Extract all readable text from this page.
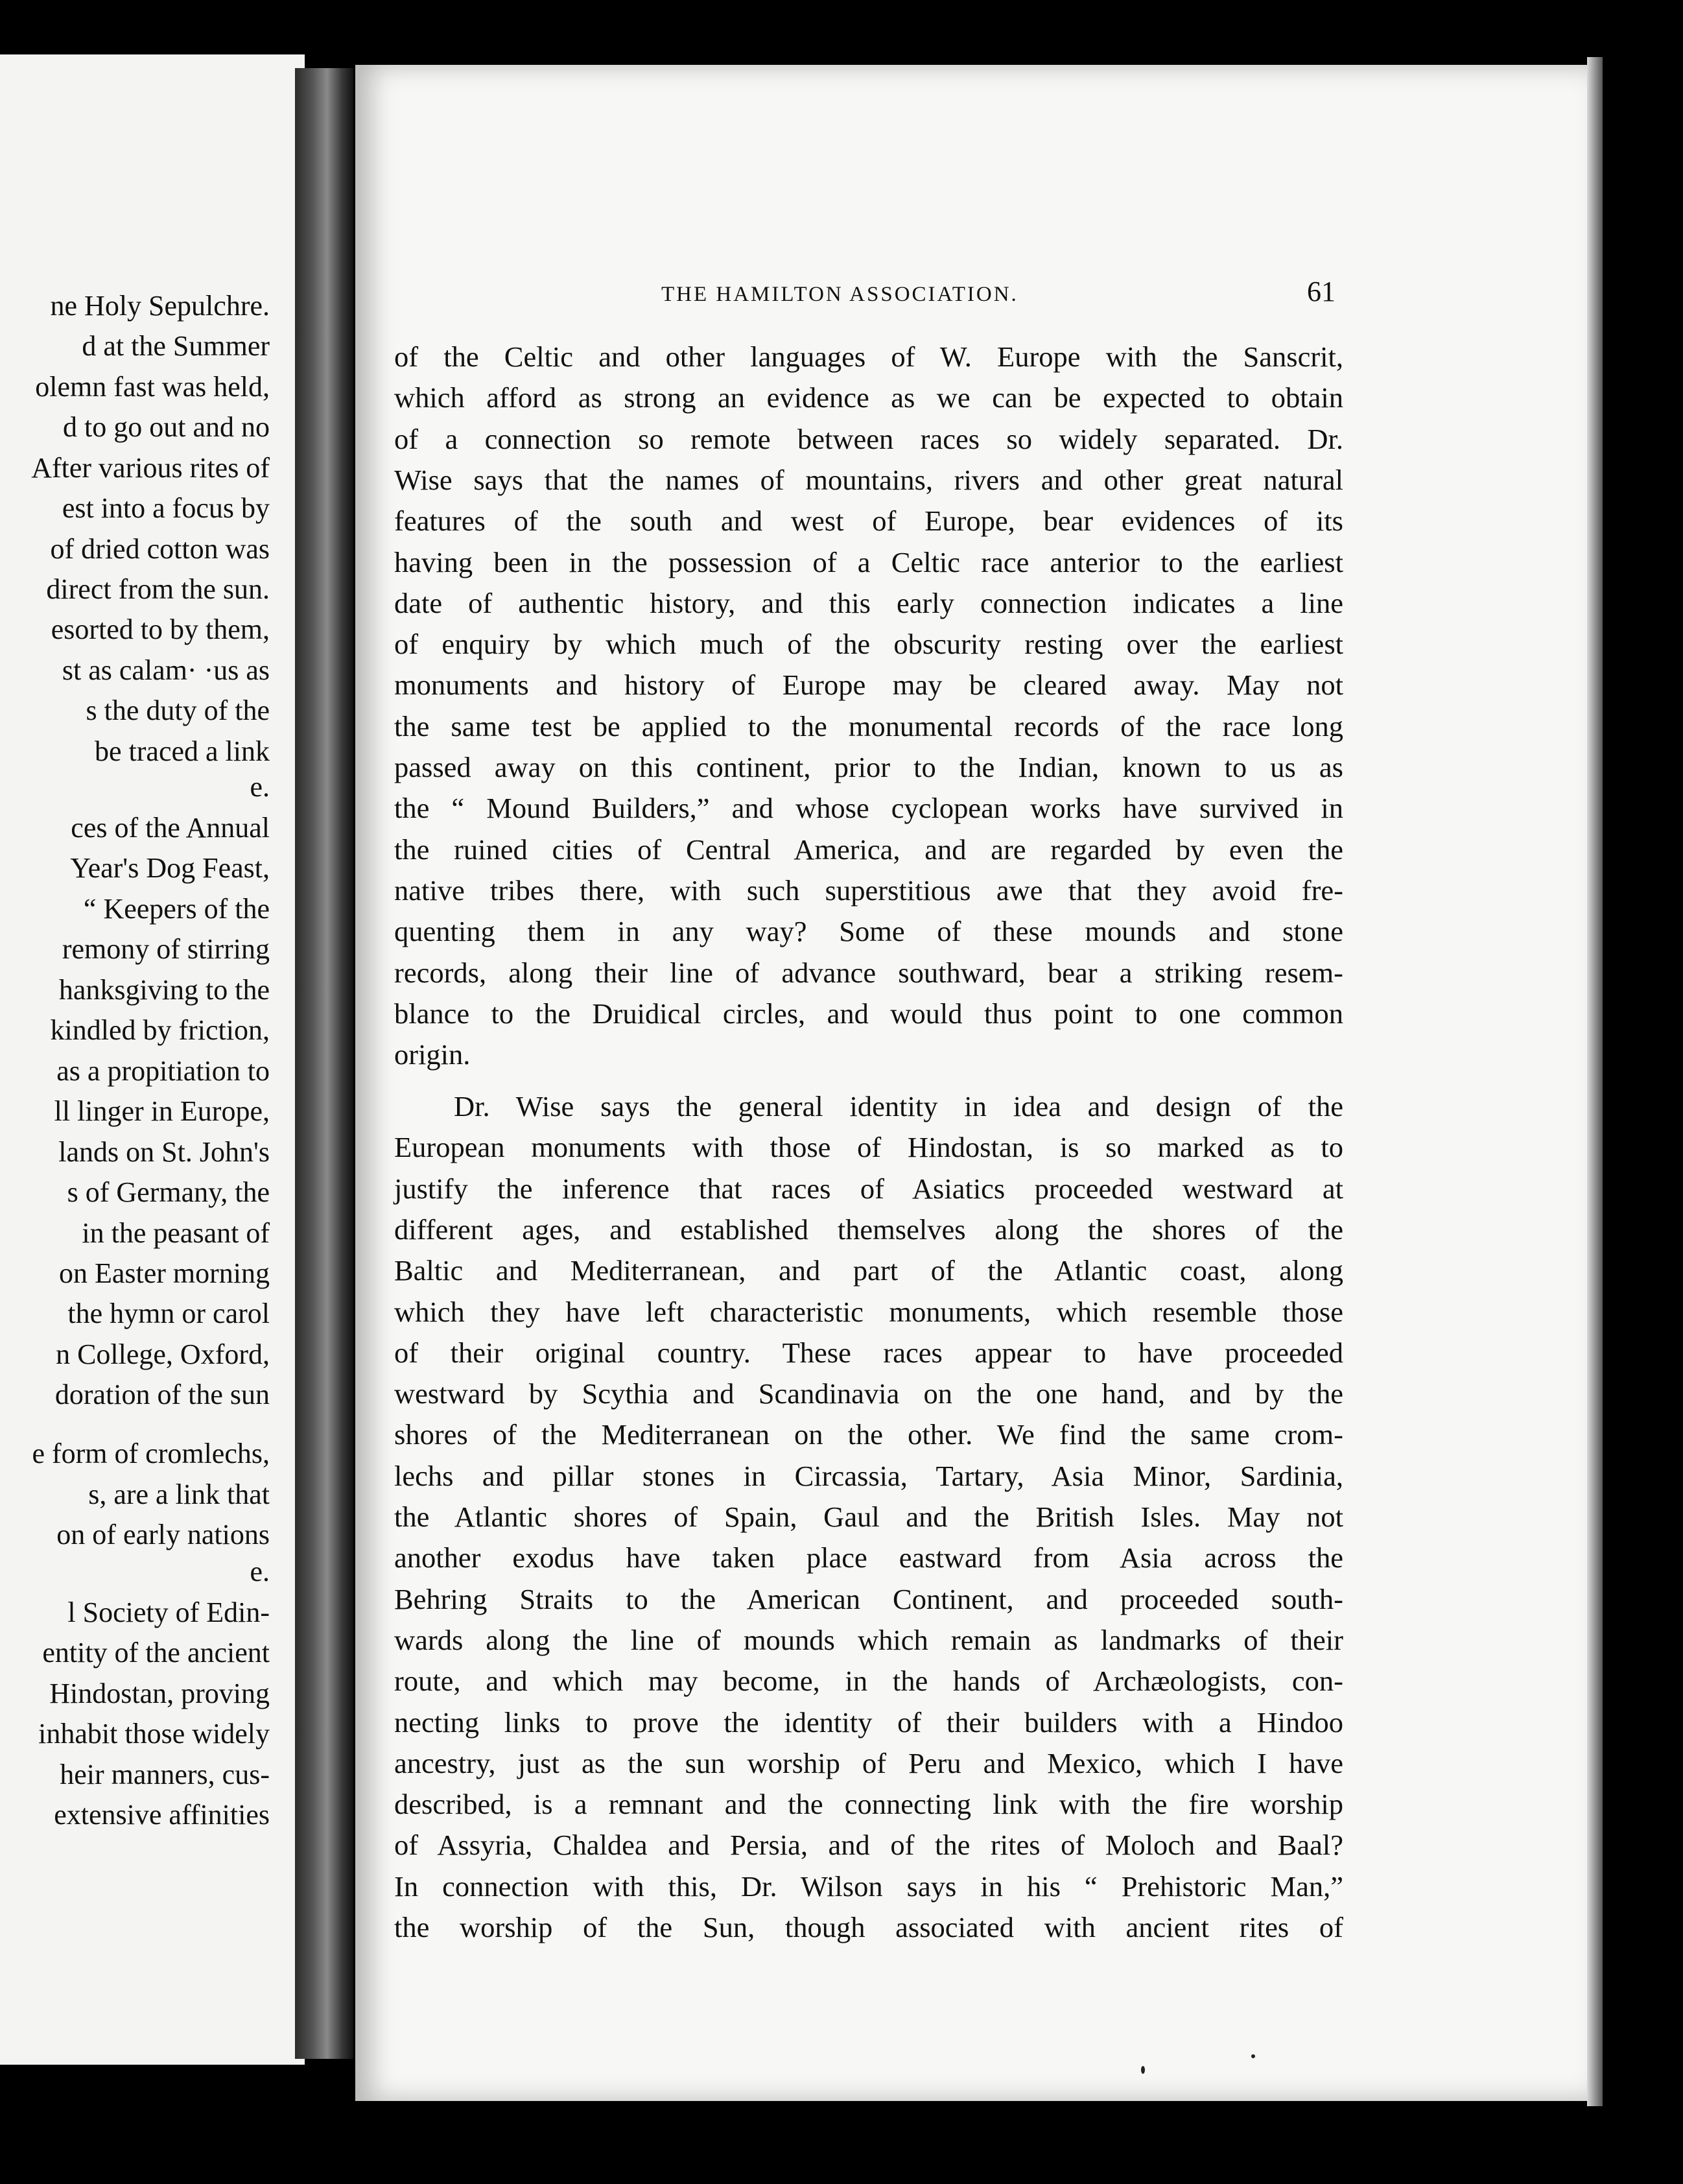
ne Holy Sepulchre.
d at the Summer
olemn fast was held,
d to go out and no
After various rites of
est into a focus by
of dried cotton was
direct from the sun.
esorted to by them,
st as calam· ·us as
s the duty of the
be traced a link
e.
ces of the Annual
Year's Dog Feast,
“ Keepers of the
remony of stirring
hanksgiving to the
kindled by friction,
as a propitiation to
ll linger in Europe,
lands on St. John's
s of Germany, the
in the peasant of
on Easter morning
the hymn or carol
n College, Oxford,
doration of the sun
e form of cromlechs,
s, are a link that
on of early nations
e.
l Society of Edin-
entity of the ancient
Hindostan, proving
inhabit those widely
heir manners, cus-
extensive affinities
THE HAMILTON ASSOCIATION.	61
of the Celtic and other languages of W. Europe with the Sanscrit,
which afford as strong an evidence as we can be expected to obtain
of a connection so remote between races so widely separated. Dr.
Wise says that the names of mountains, rivers and other great natural
features of the south and west of Europe, bear evidences of its
having been in the possession of a Celtic race anterior to the earliest
date of authentic history, and this early connection indicates a line
of enquiry by which much of the obscurity resting over the earliest
monuments and history of Europe may be cleared away. May not
the same test be applied to the monumental records of the race long
passed away on this continent, prior to the Indian, known to us as
the “ Mound Builders,” and whose cyclopean works have survived in
the ruined cities of Central America, and are regarded by even the
native tribes there, with such superstitious awe that they avoid fre-
quenting them in any way? Some of these mounds and stone
records, along their line of advance southward, bear a striking resem-
blance to the Druidical circles, and would thus point to one common
origin.
Dr. Wise says the general identity in idea and design of the
European monuments with those of Hindostan, is so marked as to
justify the inference that races of Asiatics proceeded westward at
different ages, and established themselves along the shores of the
Baltic and Mediterranean, and part of the Atlantic coast, along
which they have left characteristic monuments, which resemble those
of their original country. These races appear to have proceeded
westward by Scythia and Scandinavia on the one hand, and by the
shores of the Mediterranean on the other. We find the same crom-
lechs and pillar stones in Circassia, Tartary, Asia Minor, Sardinia,
the Atlantic shores of Spain, Gaul and the British Isles. May not
another exodus have taken place eastward from Asia across the
Behring Straits to the American Continent, and proceeded south-
wards along the line of mounds which remain as landmarks of their
route, and which may become, in the hands of Archæologists, con-
necting links to prove the identity of their builders with a Hindoo
ancestry, just as the sun worship of Peru and Mexico, which I have
described, is a remnant and the connecting link with the fire worship
of Assyria, Chaldea and Persia, and of the rites of Moloch and Baal?
In connection with this, Dr. Wilson says in his “ Prehistoric Man,”
the worship of the Sun, though associated with ancient rites of
